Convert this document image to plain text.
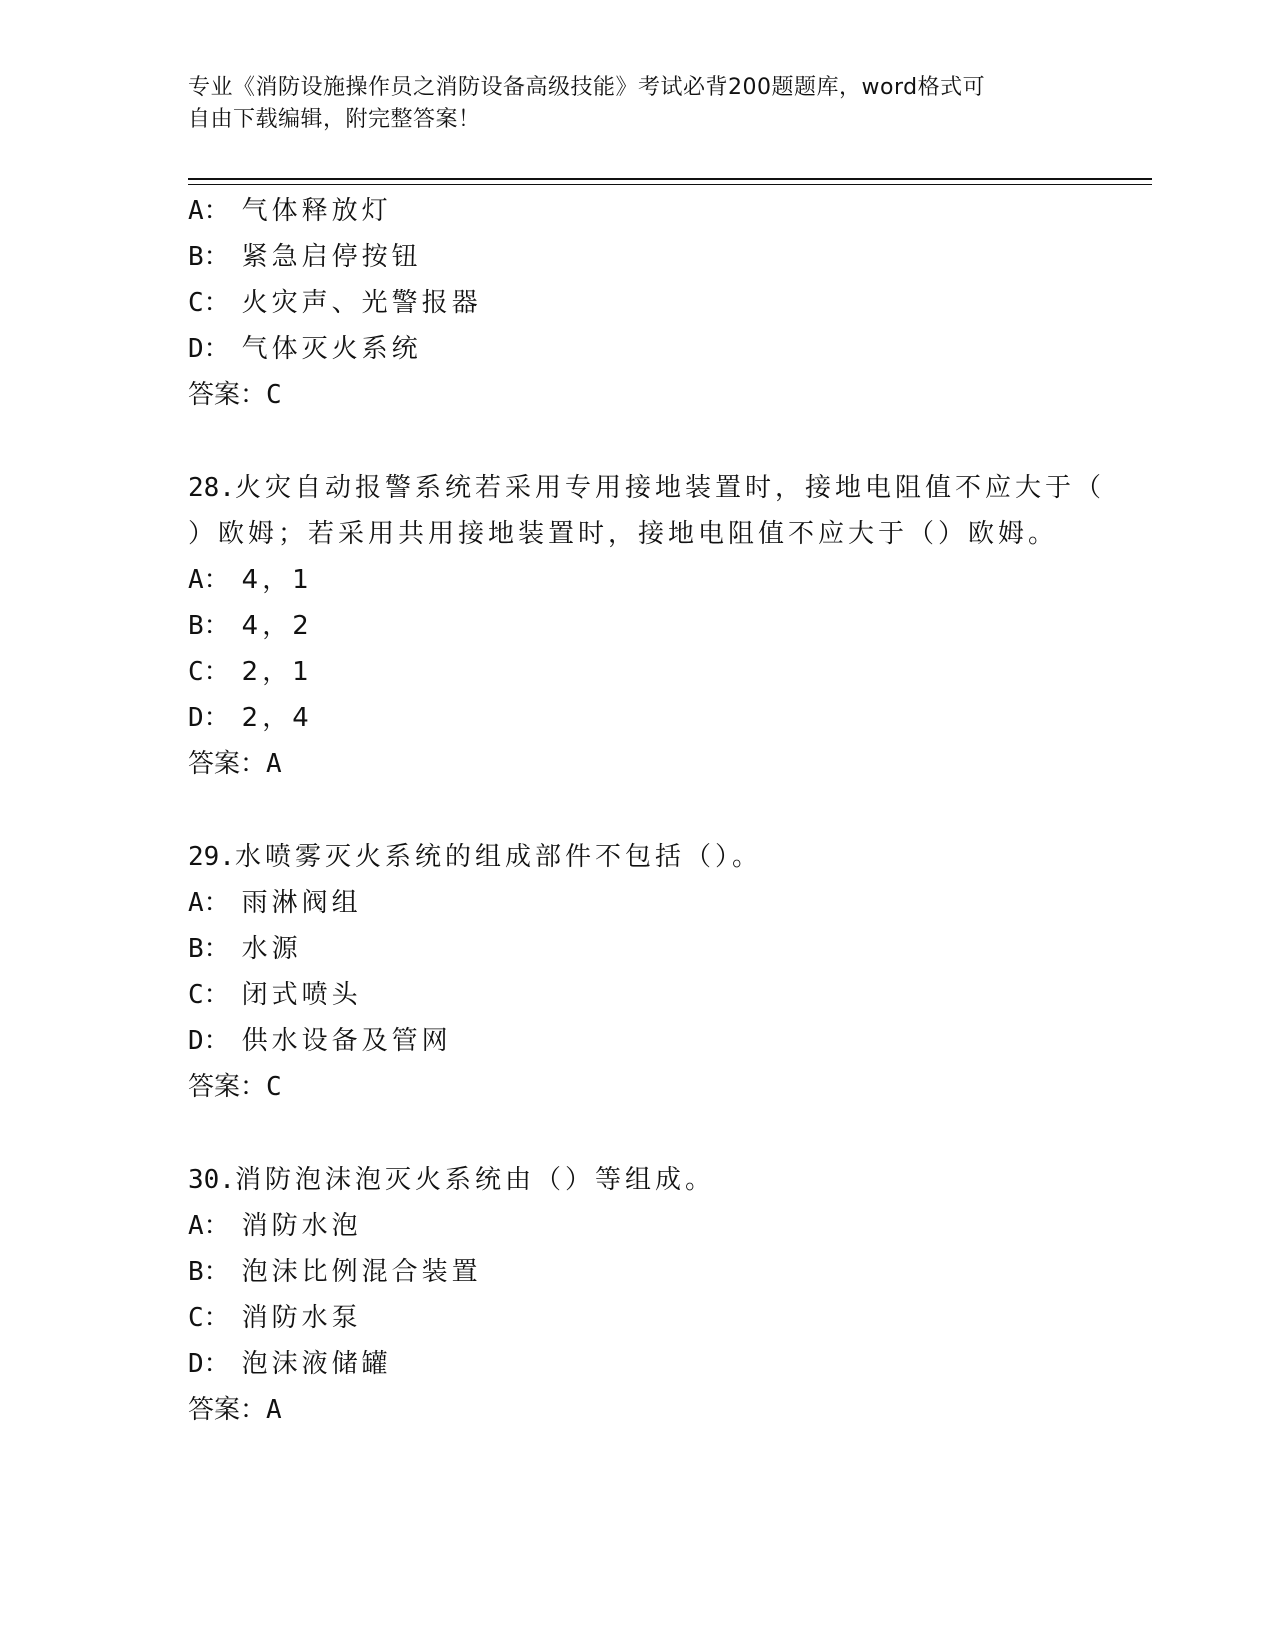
专业《消防设施操作员之消防设备高级技能》考试必背200题题库，word格式可
自由下载编辑，附完整答案！
A： 气体释放灯
B： 紧急启停按钮
C： 火灾声、光警报器
D： 气体灭火系统
答案：C
28.火灾自动报警系统若采用专用接地装置时，接地电阻值不应大于（
）欧姆；若采用共用接地装置时，接地电阻值不应大于（）欧姆。
A： 4，1
B： 4，2
C： 2，1
D： 2，4
答案：A
29.水喷雾灭火系统的组成部件不包括（）。
A： 雨淋阀组
B： 水源
C： 闭式喷头
D： 供水设备及管网
答案：C
30.消防泡沫泡灭火系统由（）等组成。
A： 消防水泡
B： 泡沫比例混合装置
C： 消防水泵
D： 泡沫液储罐
答案：A
